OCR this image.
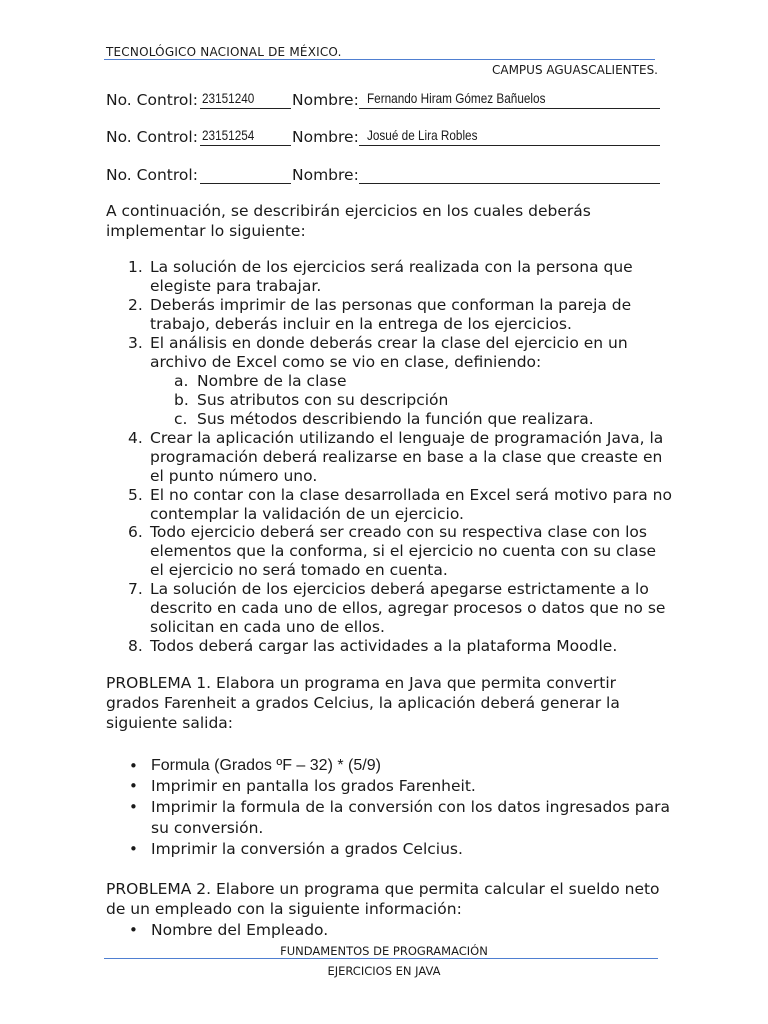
TECNOLÓGICO NACIONAL DE MÉXICO.
CAMPUS AGUASCALIENTES.
No. Control: 23151240 Nombre: Fernando Hiram Gómez Bañuelos
No. Control: 23151254 Nombre: Josué de Lira Robles
No. Control:	Nombre:
A continuación, se describirán ejercicios en los cuales deberás
implementar lo siguiente:
1. La solución de los ejercicios será realizada con la persona que
elegiste para trabajar.
2. Deberás imprimir de las personas que conforman la pareja de
trabajo, deberás incluir en la entrega de los ejercicios.
3. El análisis en donde deberás crear la clase del ejercicio en un
archivo de Excel como se vio en clase, definiendo:
a. Nombre de la clase
b. Sus atributos con su descripción
c. Sus métodos describiendo la función que realizara.
4. Crear la aplicación utilizando el lenguaje de programación Java, la
programación deberá realizarse en base a la clase que creaste en
el punto número uno.
5. El no contar con la clase desarrollada en Excel será motivo para no
contemplar la validación de un ejercicio.
6. Todo ejercicio deberá ser creado con su respectiva clase con los
elementos que la conforma, si el ejercicio no cuenta con su clase
el ejercicio no será tomado en cuenta.
7. La solución de los ejercicios deberá apegarse estrictamente a lo
descrito en cada uno de ellos, agregar procesos o datos que no se
solicitan en cada uno de ellos.
8. Todos deberá cargar las actividades a la plataforma Moodle.
PROBLEMA 1. Elabora un programa en Java que permita convertir
grados Farenheit a grados Celcius, la aplicación deberá generar la
siguiente salida:
• Formula (Grados ºF – 32) * (5/9)
• Imprimir en pantalla los grados Farenheit.
• Imprimir la formula de la conversión con los datos ingresados para
su conversión.
• Imprimir la conversión a grados Celcius.
PROBLEMA 2. Elabore un programa que permita calcular el sueldo neto
de un empleado con la siguiente información:
• Nombre del Empleado.
FUNDAMENTOS DE PROGRAMACIÓN
EJERCICIOS EN JAVA
